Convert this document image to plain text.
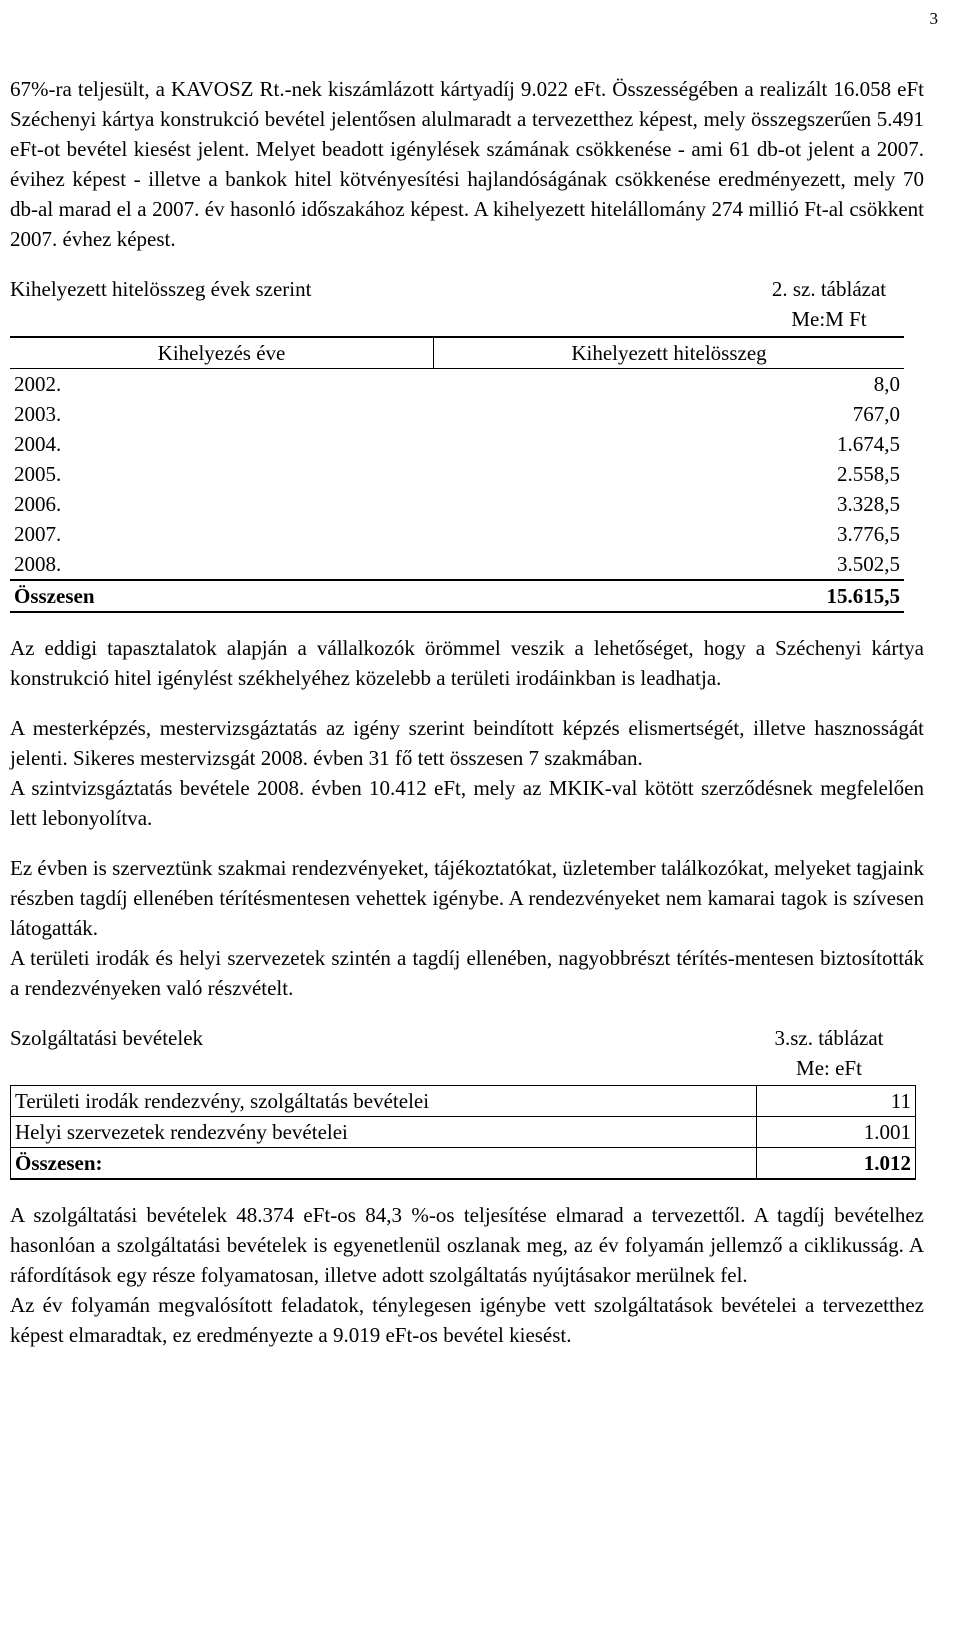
3

67%-ra teljesült, a KAVOSZ Rt.-nek kiszámlázott kártyadíj 9.022 eFt. Összességében a realizált 16.058 eFt Széchenyi kártya konstrukció bevétel jelentősen alulmaradt a tervezetthez képest, mely összegszerűen 5.491 eFt-ot bevétel kiesést jelent. Melyet beadott igénylések számának csökkenése - ami 61 db-ot jelent a 2007. évihez képest - illetve a bankok hitel kötvényesítési hajlandóságának csökkenése eredményezett, mely 70 db-al marad el a 2007. év hasonló időszakához képest. A kihelyezett hitelállomány 274 millió Ft-al csökkent 2007. évhez képest.

Kihelyezett hitelösszeg évek szerint	2. sz. táblázat
Me:M Ft
Kihelyezés éve	Kihelyezett hitelösszeg
2002.	8,0
2003.	767,0
2004.	1.674,5
2005.	2.558,5
2006.	3.328,5
2007.	3.776,5
2008.	3.502,5
Összesen	15.615,5

Az eddigi tapasztalatok alapján a vállalkozók örömmel veszik a lehetőséget, hogy a Széchenyi kártya konstrukció hitel igénylést székhelyéhez közelebb a területi irodáinkban is leadhatja.

A mesterképzés, mestervizsgáztatás az igény szerint beindított képzés elismertségét, illetve hasznosságát jelenti. Sikeres mestervizsgát 2008. évben 31 fő tett összesen 7 szakmában.

A szintvizsgáztatás bevétele 2008. évben 10.412 eFt, mely az MKIK-val kötött szerződésnek megfelelően lett lebonyolítva.

Ez évben is szerveztünk szakmai rendezvényeket, tájékoztatókat, üzletember találkozókat, melyeket tagjaink részben tagdíj ellenében térítésmentesen vehettek igénybe. A rendezvényeket nem kamarai tagok is szívesen látogatták.

A területi irodák és helyi szervezetek szintén a tagdíj ellenében, nagyobbrészt térítés-mentesen biztosították a rendezvényeken való részvételt.

Szolgáltatási bevételek	3.sz. táblázat
Me: eFt
Területi irodák rendezvény, szolgáltatás bevételei	11
Helyi szervezetek rendezvény bevételei	1.001
Összesen:	1.012

A szolgáltatási bevételek 48.374 eFt-os 84,3 %-os teljesítése elmarad a tervezettől. A tagdíj bevételhez hasonlóan a szolgáltatási bevételek is egyenetlenül oszlanak meg, az év folyamán jellemző a ciklikusság. A ráfordítások egy része folyamatosan, illetve adott szolgáltatás nyújtásakor merülnek fel.

Az év folyamán megvalósított feladatok, ténylegesen igénybe vett szolgáltatások bevételei a tervezetthez képest elmaradtak, ez eredményezte a 9.019 eFt-os bevétel kiesést.
